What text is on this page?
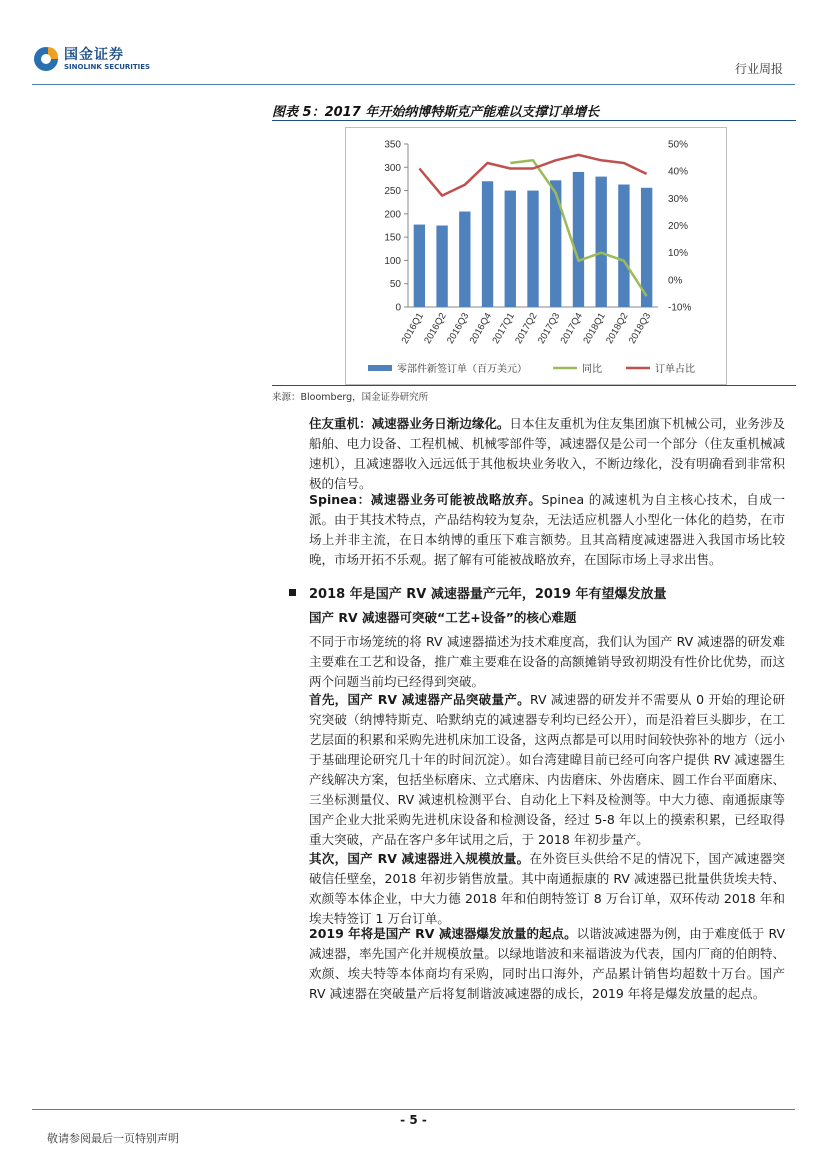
国金证券
SINOLINK SECURITIES	行业周报
图表 5：2017 年开始纳博特斯克产能难以支撑订单增长
0
50
100
150
200
250
300
350
-10%
0%
10%
20%
30%
40%
50%
2016Q1
2016Q2
2016Q3
2016Q4
2017Q1
2017Q2
2017Q3
2017Q4
2018Q1
2018Q2
2018Q3
零部件新签订单（百万美元）	同比	订单占比
来源：Bloomberg，国金证券研究所

住友重机：减速器业务日渐边缘化。日本住友重机为住友集团旗下机械公司，业务涉及船舶、电力设备、工程机械、机械零部件等，减速器仅是公司一个部分（住友重机械减速机），且减速器收入远远低于其他板块业务收入，不断边缘化，没有明确看到非常积极的信号。

Spinea：减速器业务可能被战略放弃。Spinea 的减速机为自主核心技术，自成一派。由于其技术特点，产品结构较为复杂，无法适应机器人小型化一体化的趋势，在市场上并非主流，在日本纳博的重压下难言额势。且其高精度减速器进入我国市场比较晚，市场开拓不乐观。据了解有可能被战略放弃，在国际市场上寻求出售。

2018 年是国产 RV 减速器量产元年，2019 年有望爆发放量
国产 RV 减速器可突破“工艺+设备”的核心难题

不同于市场笼统的将 RV 减速器描述为技术难度高，我们认为国产 RV 减速器的研发难主要难在工艺和设备，推广难主要难在设备的高额摊销导致初期没有性价比优势，而这两个问题当前均已经得到突破。

首先，国产 RV 减速器产品突破量产。RV 减速器的研发并不需要从 0 开始的理论研究突破（纳博特斯克、哈默纳克的减速器专利均已经公开），而是沿着巨头脚步，在工艺层面的积累和采购先进机床加工设备，这两点都是可以用时间较快弥补的地方（远小于基础理论研究几十年的时间沉淀）。如台湾建暐目前已经可向客户提供 RV 减速器生产线解决方案，包括坐标磨床、立式磨床、内齿磨床、外齿磨床、圆工作台平面磨床、三坐标测量仪、RV 减速机检测平台、自动化上下料及检测等。中大力德、南通振康等国产企业大批采购先进机床设备和检测设备，经过 5-8 年以上的摸索积累，已经取得重大突破，产品在客户多年试用之后，于 2018 年初步量产。

其次，国产 RV 减速器进入规模放量。在外资巨头供给不足的情况下，国产减速器突破信任壁垒，2018 年初步销售放量。其中南通振康的 RV 减速器已批量供货埃夫特、欢颜等本体企业，中大力德 2018 年和伯朗特签订 8 万台订单，双环传动 2018 年和埃夫特签订 1 万台订单。

2019 年将是国产 RV 减速器爆发放量的起点。以谐波减速器为例，由于难度低于 RV 减速器，率先国产化并规模放量。以绿地谐波和来福谐波为代表，国内厂商的伯朗特、欢颜、埃夫特等本体商均有采购，同时出口海外，产品累计销售均超数十万台。国产 RV 减速器在突破量产后将复制谐波减速器的成长，2019 年将是爆发放量的起点。

- 5 -
敬请参阅最后一页特别声明
